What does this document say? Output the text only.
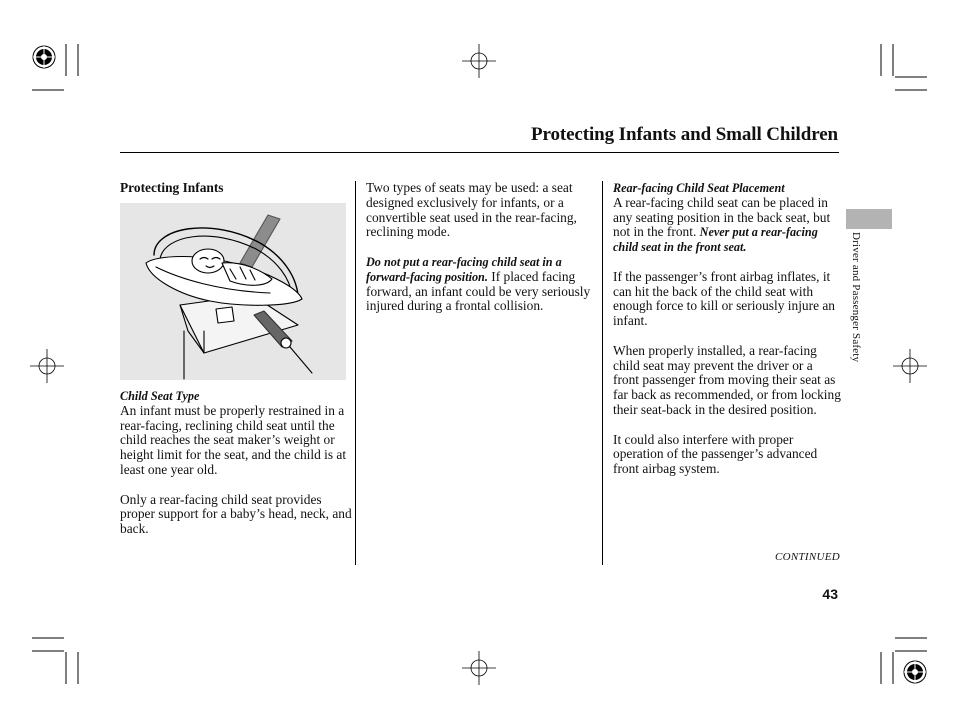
Protecting Infants and Small Children

Protecting Infants

Child Seat Type

An infant must be properly restrained in a rear-facing, reclining child seat until the child reaches the seat maker’s weight or height limit for the seat, and the child is at least one year old.

Only a rear-facing child seat provides proper support for a baby’s head, neck, and back.

Two types of seats may be used: a seat designed exclusively for infants, or a convertible seat used in the rear-facing, reclining mode.

Do not put a rear-facing child seat in a forward-facing position. If placed facing forward, an infant could be very seriously injured during a frontal collision.

Rear-facing Child Seat Placement

A rear-facing child seat can be placed in any seating position in the back seat, but not in the front. Never put a rear-facing child seat in the front seat.

If the passenger’s front airbag inflates, it can hit the back of the child seat with enough force to kill or seriously injure an infant.

When properly installed, a rear-facing child seat may prevent the driver or a front passenger from moving their seat as far back as recommended, or from locking their seat-back in the desired position.

It could also interfere with proper operation of the passenger’s advanced front airbag system.

Driver and Passenger Safety
CONTINUED
43
